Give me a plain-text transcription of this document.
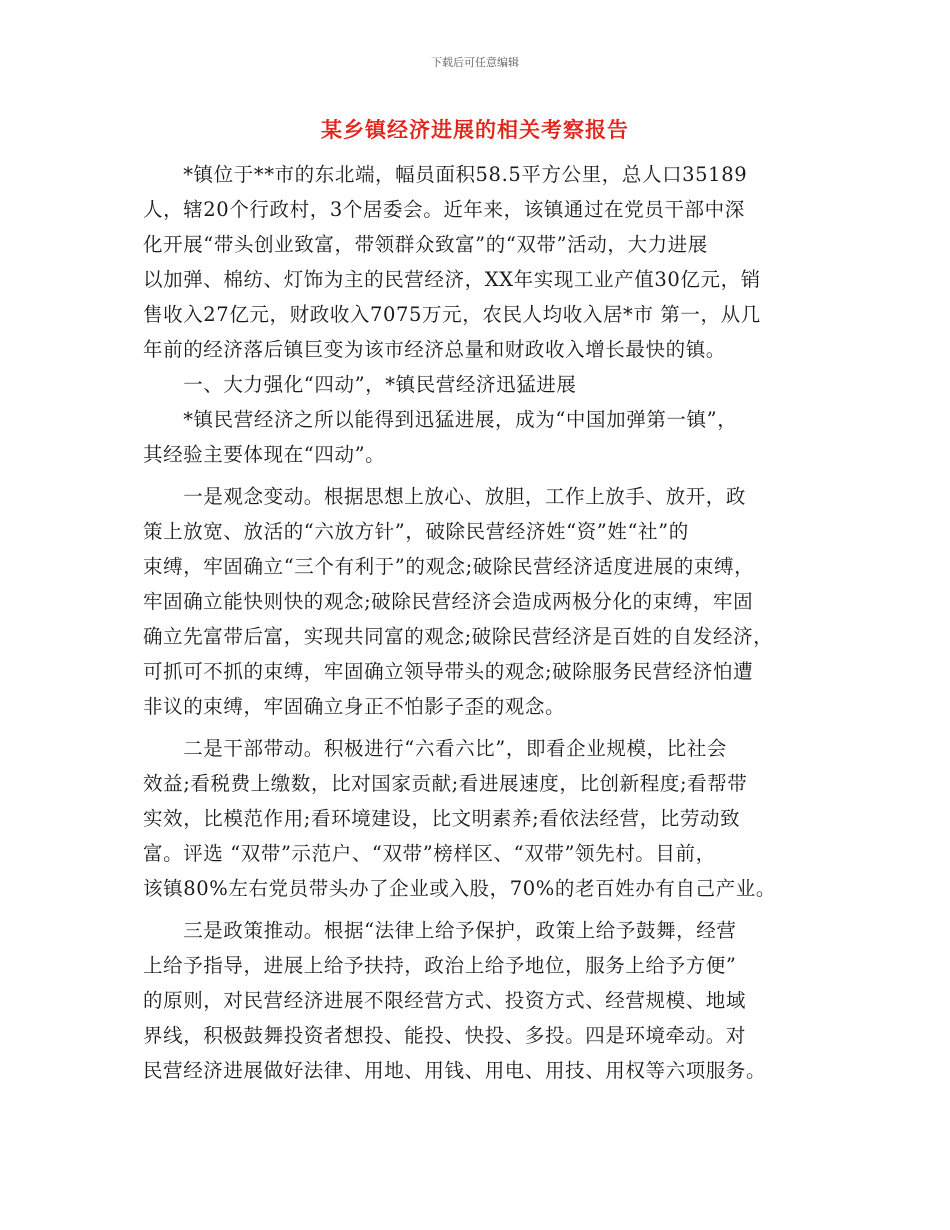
下载后可任意编辑
某乡镇经济进展的相关考察报告
　　*镇位于**市的东北端，幅员面积58.5平方公里，总人口35189
人，辖20个行政村，3个居委会。近年来，该镇通过在党员干部中深
化开展“带头创业致富，带领群众致富”的“双带”活动，大力进展
以加弹、棉纺、灯饰为主的民营经济，XX年实现工业产值30亿元，销
售收入27亿元，财政收入7075万元，农民人均收入居*市 第一，从几
年前的经济落后镇巨变为该市经济总量和财政收入增长最快的镇。
　　一、大力强化“四动”，*镇民营经济迅猛进展
　　*镇民营经济之所以能得到迅猛进展，成为“中国加弹第一镇”，
其经验主要体现在“四动”。
　　一是观念变动。根据思想上放心、放胆，工作上放手、放开，政
策上放宽、放活的“六放方针”，破除民营经济姓“资”姓“社”的
束缚，牢固确立“三个有利于”的观念;破除民营经济适度进展的束缚，
牢固确立能快则快的观念;破除民营经济会造成两极分化的束缚，牢固
确立先富带后富，实现共同富的观念;破除民营经济是百姓的自发经济，
可抓可不抓的束缚，牢固确立领导带头的观念;破除服务民营经济怕遭
非议的束缚，牢固确立身正不怕影子歪的观念。
　　二是干部带动。积极进行“六看六比”，即看企业规模，比社会
效益;看税费上缴数，比对国家贡献;看进展速度，比创新程度;看帮带
实效，比模范作用;看环境建设，比文明素养;看依法经营，比劳动致
富。评选 “双带”示范户、“双带”榜样区、“双带”领先村。目前，
该镇80%左右党员带头办了企业或入股，70%的老百姓办有自己产业。
　　三是政策推动。根据“法律上给予保护，政策上给予鼓舞，经营
上给予指导，进展上给予扶持，政治上给予地位，服务上给予方便”
的原则，对民营经济进展不限经营方式、投资方式、经营规模、地域
界线，积极鼓舞投资者想投、能投、快投、多投。四是环境牵动。对
民营经济进展做好法律、用地、用钱、用电、用技、用权等六项服务。
